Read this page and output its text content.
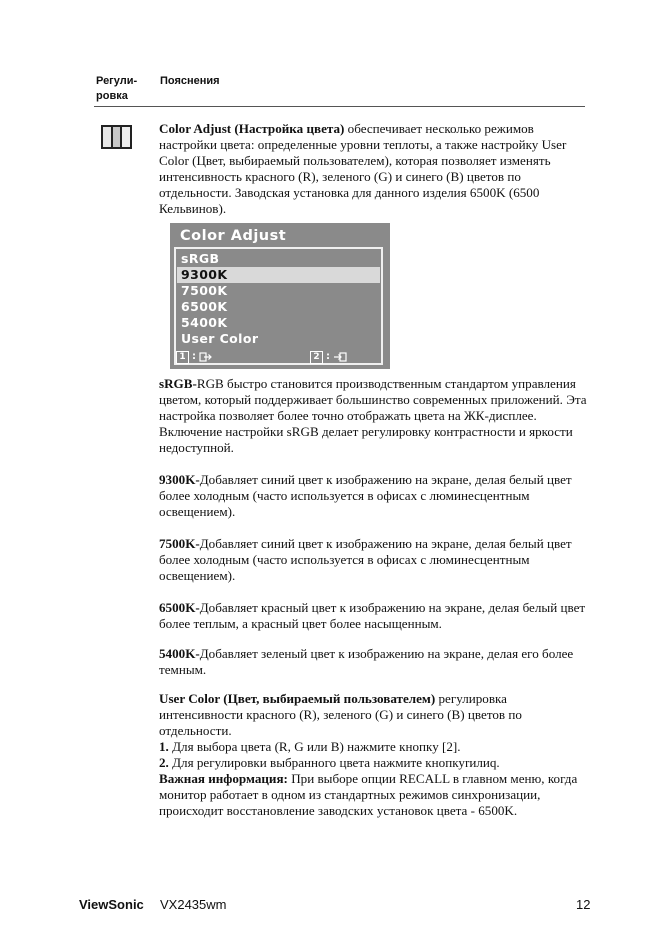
Регули-
ровка
Пояснения

Color Adjust (Настройка цвета) обеспечивает несколько режимов настройки цвета: определенные уровни теплоты, а также настройку User Color (Цвет, выбираемый пользователем), которая позволяет изменять интенсивность красного (R), зеленого (G) и синего (B) цветов по отдельности. Заводская установка для данного изделия 6500K (6500 Кельвинов).

Color Adjust
sRGB
9300K
7500K
6500K
5400K
User Color
1 :	2 :

sRGB-RGB быстро становится производственным стандартом управления цветом, который поддерживает большинство современных приложений. Эта настройка позволяет более точно отображать цвета на ЖК-дисплее. Включение настройки sRGB делает регулировку контрастности и яркости недоступной.

9300K-Добавляет синий цвет к изображению на экране, делая белый цвет более холодным (часто используется в офисах с люминесцентным освещением).

7500K-Добавляет синий цвет к изображению на экране, делая белый цвет более холодным (часто используется в офисах с люминесцентным освещением).

6500K-Добавляет красный цвет к изображению на экране, делая белый цвет более теплым, а красный цвет более насыщенным.

5400K-Добавляет зеленый цвет к изображению на экране, делая его более темным.

User Color (Цвет, выбираемый пользователем) регулировка интенсивности красного (R), зеленого (G) и синего (B) цветов по отдельности.
1. Для выбора цвета (R, G или B) нажмите кнопку [2].
2. Для регулировки выбранного цвета нажмите кнопкуrилиq.
Важная информация: При выборе опции RECALL в главном меню, когда монитор работает в одном из стандартных режимов синхронизации, происходит восстановление заводских установок цвета - 6500K.
ViewSonic VX2435wm	12
